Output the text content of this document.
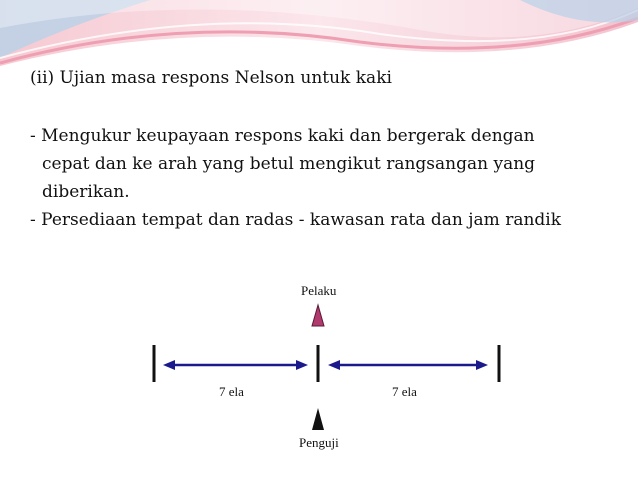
(ii) Ujian masa respons Nelson untuk kaki

- Mengukur keupayaan respons kaki dan bergerak dengan

cepat dan ke arah yang betul mengikut rangsangan yang

diberikan.

- Persediaan tempat dan radas - kawasan rata dan jam randik

Pelaku
7 ela	7 ela
Penguji
